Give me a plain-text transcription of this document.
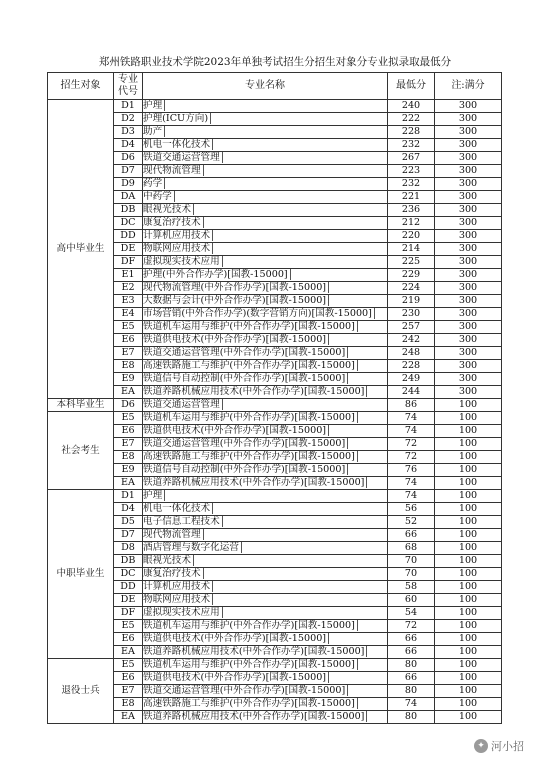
郑州铁路职业技术学院2023年单独考试招生分招生对象分专业拟录取最低分
招生对象	专业代号	专业名称	最低分	注:满分
高中毕业生	D1	护理	240	300
	D2	护理(ICU方向)	222	300
	D3	助产	228	300
	D4	机电一体化技术	232	300
	D6	铁道交通运营管理	267	300
	D7	现代物流管理	223	300
	D9	药学	232	300
	DA	中药学	221	300
	DB	眼视光技术	236	300
	DC	康复治疗技术	212	300
	DD	计算机应用技术	220	300
	DE	物联网应用技术	214	300
	DF	虚拟现实技术应用	225	300
	E1	护理(中外合作办学)[国教-15000]	229	300
	E2	现代物流管理(中外合作办学)[国教-15000]	224	300
	E3	大数据与会计(中外合作办学)[国教-15000]	219	300
	E4	市场营销(中外合作办学)(数字营销方向)[国教-15000]	230	300
	E5	铁道机车运用与维护(中外合作办学)[国教-15000]	257	300
	E6	铁道供电技术(中外合作办学)[国教-15000]	242	300
	E7	铁道交通运营管理(中外合作办学)[国教-15000]	248	300
	E8	高速铁路施工与维护(中外合作办学)[国教-15000]	228	300
	E9	铁道信号自动控制(中外合作办学)[国教-15000]	249	300
	EA	铁道养路机械应用技术(中外合作办学)[国教-15000]	244	300
本科毕业生	D6	铁道交通运营管理	86	100
社会考生	E5	铁道机车运用与维护(中外合作办学)[国教-15000]	74	100
	E6	铁道供电技术(中外合作办学)[国教-15000]	74	100
	E7	铁道交通运营管理(中外合作办学)[国教-15000]	72	100
	E8	高速铁路施工与维护(中外合作办学)[国教-15000]	72	100
	E9	铁道信号自动控制(中外合作办学)[国教-15000]	76	100
	EA	铁道养路机械应用技术(中外合作办学)[国教-15000]	74	100
中职毕业生	D1	护理	74	100
	D4	机电一体化技术	56	100
	D5	电子信息工程技术	52	100
	D7	现代物流管理	66	100
	D8	酒店管理与数字化运营	68	100
	DB	眼视光技术	70	100
	DC	康复治疗技术	70	100
	DD	计算机应用技术	58	100
	DE	物联网应用技术	60	100
	DF	虚拟现实技术应用	54	100
	E5	铁道机车运用与维护(中外合作办学)[国教-15000]	72	100
	E6	铁道供电技术(中外合作办学)[国教-15000]	66	100
	EA	铁道养路机械应用技术(中外合作办学)[国教-15000]	66	100
退役士兵	E5	铁道机车运用与维护(中外合作办学)[国教-15000]	80	100
	E6	铁道供电技术(中外合作办学)[国教-15000]	66	100
	E7	铁道交通运营管理(中外合作办学)[国教-15000]	80	100
	E8	高速铁路施工与维护(中外合作办学)[国教-15000]	74	100
	EA	铁道养路机械应用技术(中外合作办学)[国教-15000]	80	100
✦ 河小招
